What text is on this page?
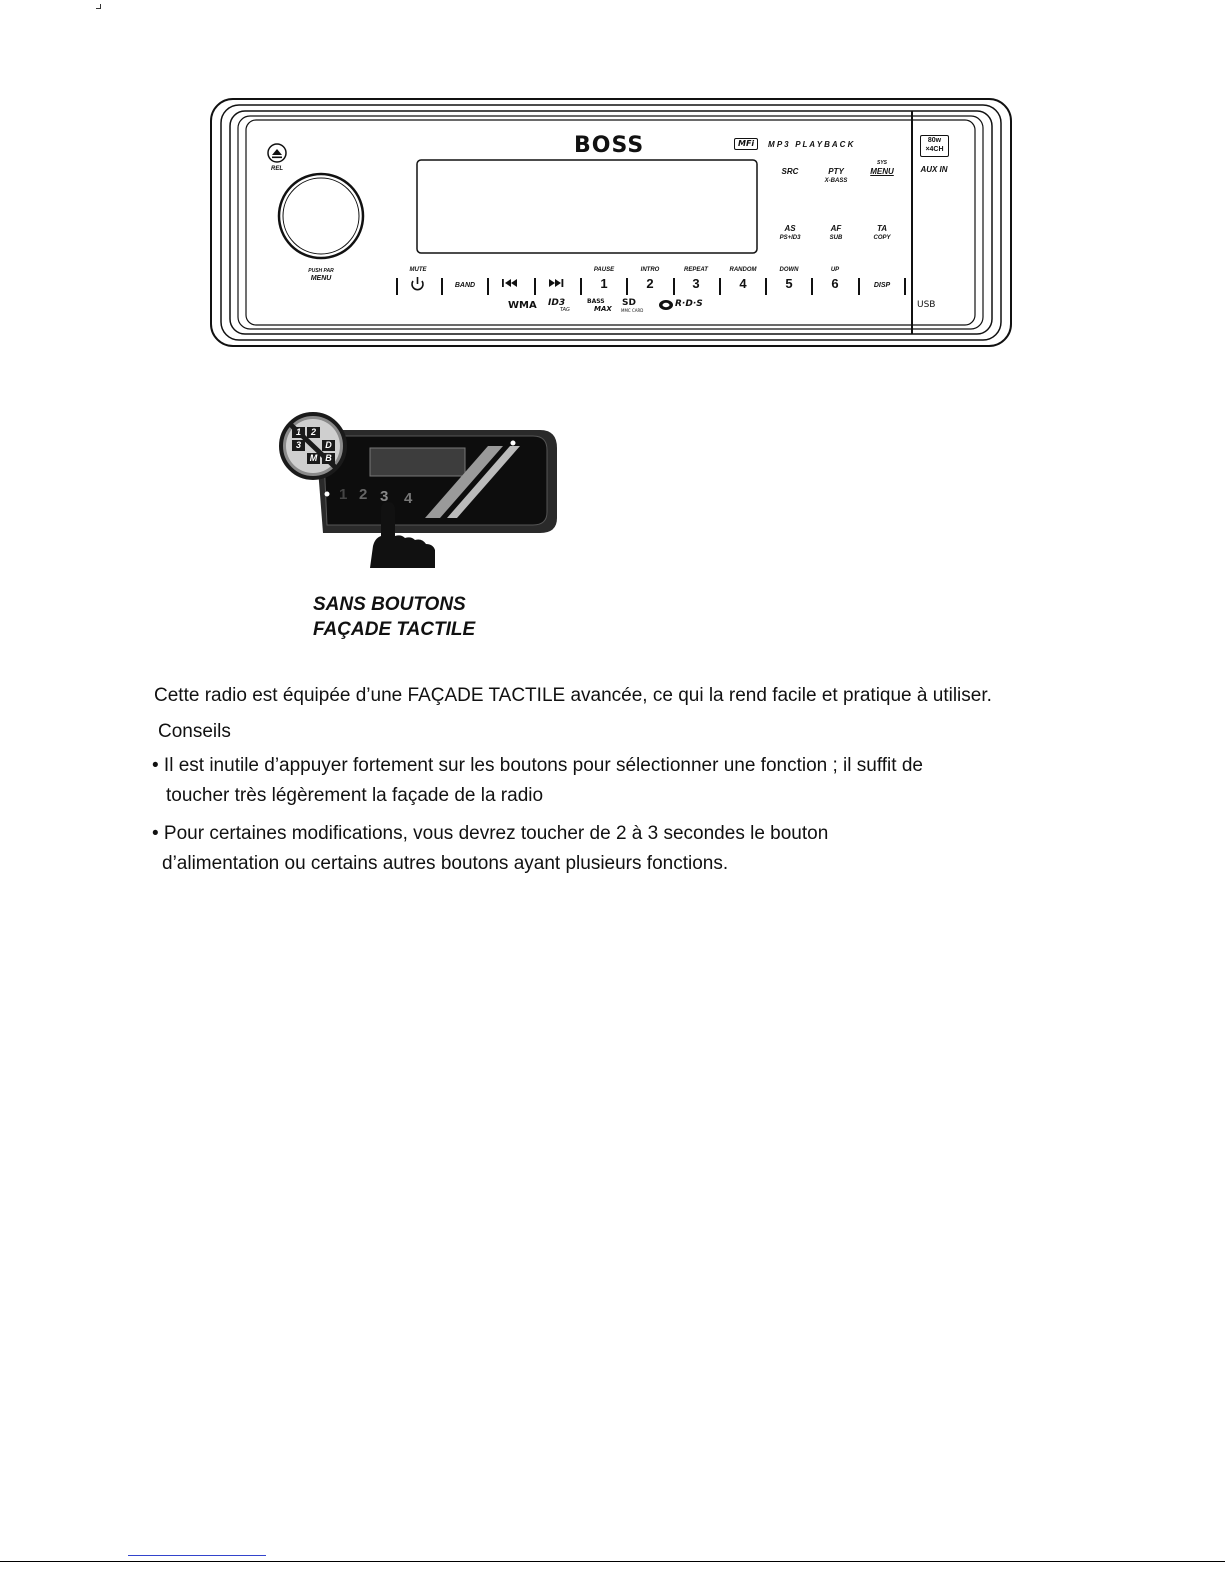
BOSS	MFi	M P 3   P L A Y B A C K	80w
×4CH
AUX IN
REL
PUSH PAR
MENU
SRC	PTY
X-BASS
SYS
MENU
AS
PS+ID3
AF
SUB
TA
COPY
MUTE
BAND
PAUSE
1
INTRO
2
REPEAT
3
RANDOM
4
DOWN
5
UP
6	DISP
WMA ID3
TAG
BASS
MAX
SD
MMC CARD
R·D·S	USB
1	2
3	D
M B
1 2 3 4
SANS BOUTONS
FAÇADE TACTILE
Cette radio est équipée d’une FAÇADE TACTILE avancée, ce qui la rend facile et pratique à utiliser.
Conseils
• Il est inutile d’appuyer fortement sur les boutons pour sélectionner une fonction ; il suffit de
toucher très légèrement la façade de la radio
• Pour certaines modifications, vous devrez toucher de 2 à 3 secondes le bouton
d’alimentation ou certains autres boutons ayant plusieurs fonctions.
